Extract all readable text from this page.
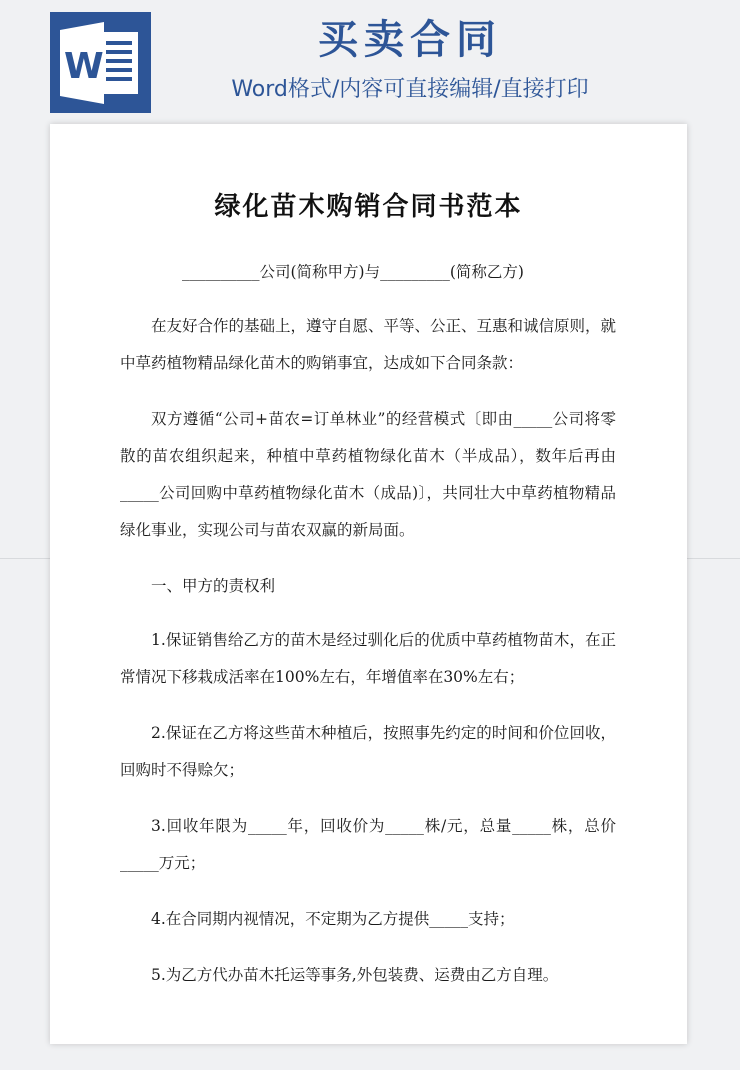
W
买卖合同
Word格式/内容可直接编辑/直接打印
绿化苗木购销合同书范本

__________公司(简称甲方)与_________(简称乙方)

在友好合作的基础上，遵守自愿、平等、公正、互惠和诚信原则，就中草药植物精品绿化苗木的购销事宜，达成如下合同条款：

双方遵循“公司+苗农=订单林业”的经营模式〔即由_____公司将零散的苗农组织起来，种植中草药植物绿化苗木（半成品），数年后再由_____公司回购中草药植物绿化苗木（成品)〕，共同壮大中草药植物精品绿化事业，实现公司与苗农双赢的新局面。

一、甲方的责权利

1.保证销售给乙方的苗木是经过驯化后的优质中草药植物苗木，在正常情况下移栽成活率在100%左右，年增值率在30%左右；

2.保证在乙方将这些苗木种植后，按照事先约定的时间和价位回收，回购时不得赊欠；

3.回收年限为_____年，回收价为_____株/元，总量_____株，总价_____万元；

4.在合同期内视情况，不定期为乙方提供_____支持；

5.为乙方代办苗木托运等事务,外包装费、运费由乙方自理。
